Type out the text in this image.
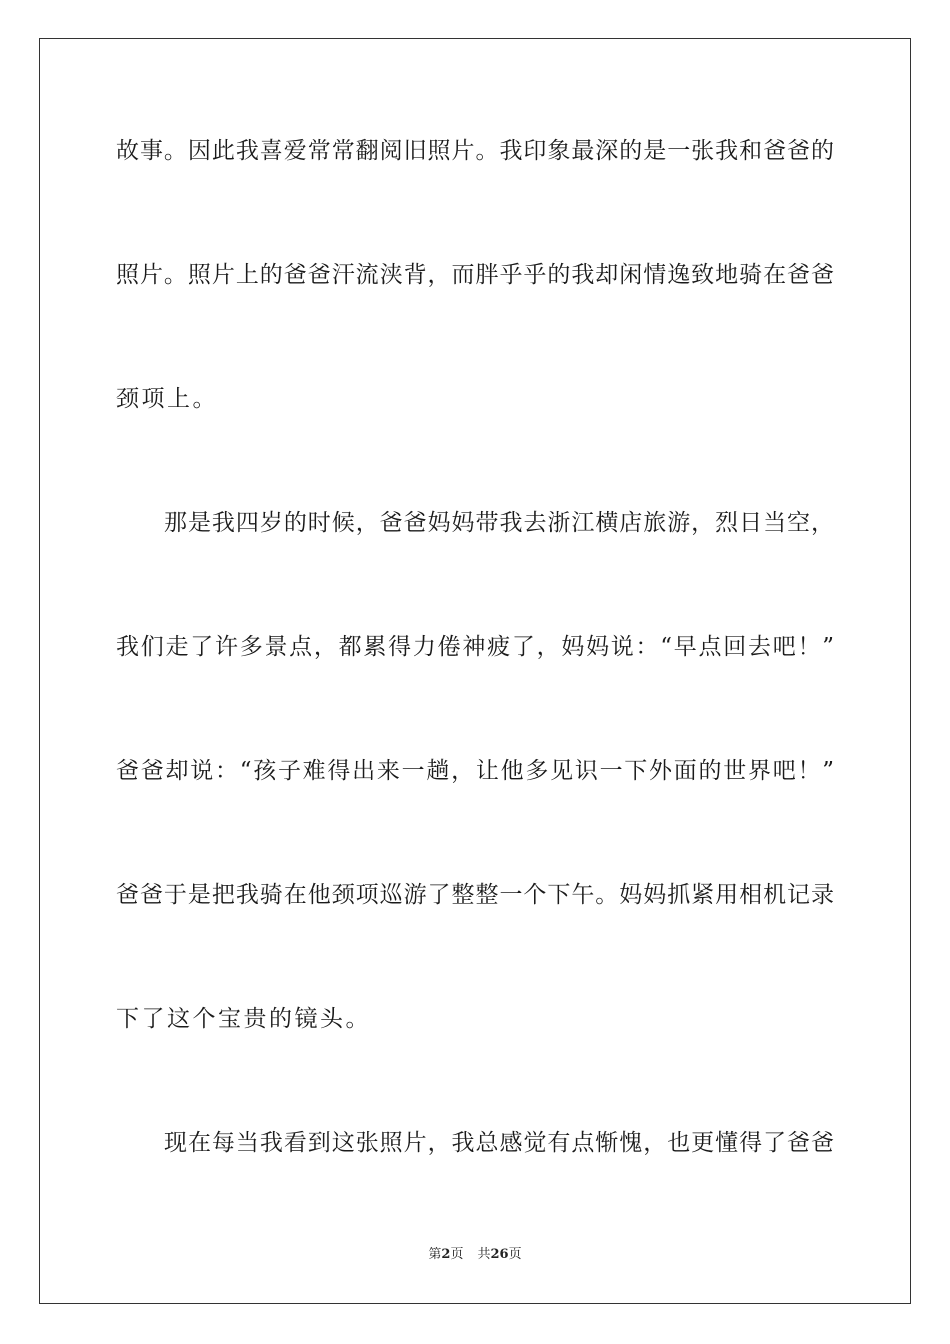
故事。因此我喜爱常常翻阅旧照片。我印象最深的是一张我和爸爸的
照片。照片上的爸爸汗流浃背，而胖乎乎的我却闲情逸致地骑在爸爸
颈项上。
那是我四岁的时候，爸爸妈妈带我去浙江横店旅游，烈日当空，
我们走了许多景点，都累得力倦神疲了，妈妈说：“早点回去吧！”
爸爸却说：“孩子难得出来一趟，让他多见识一下外面的世界吧！”
爸爸于是把我骑在他颈项巡游了整整一个下午。妈妈抓紧用相机记录
下了这个宝贵的镜头。
现在每当我看到这张照片，我总感觉有点惭愧，也更懂得了爸爸
第2页 共26页
